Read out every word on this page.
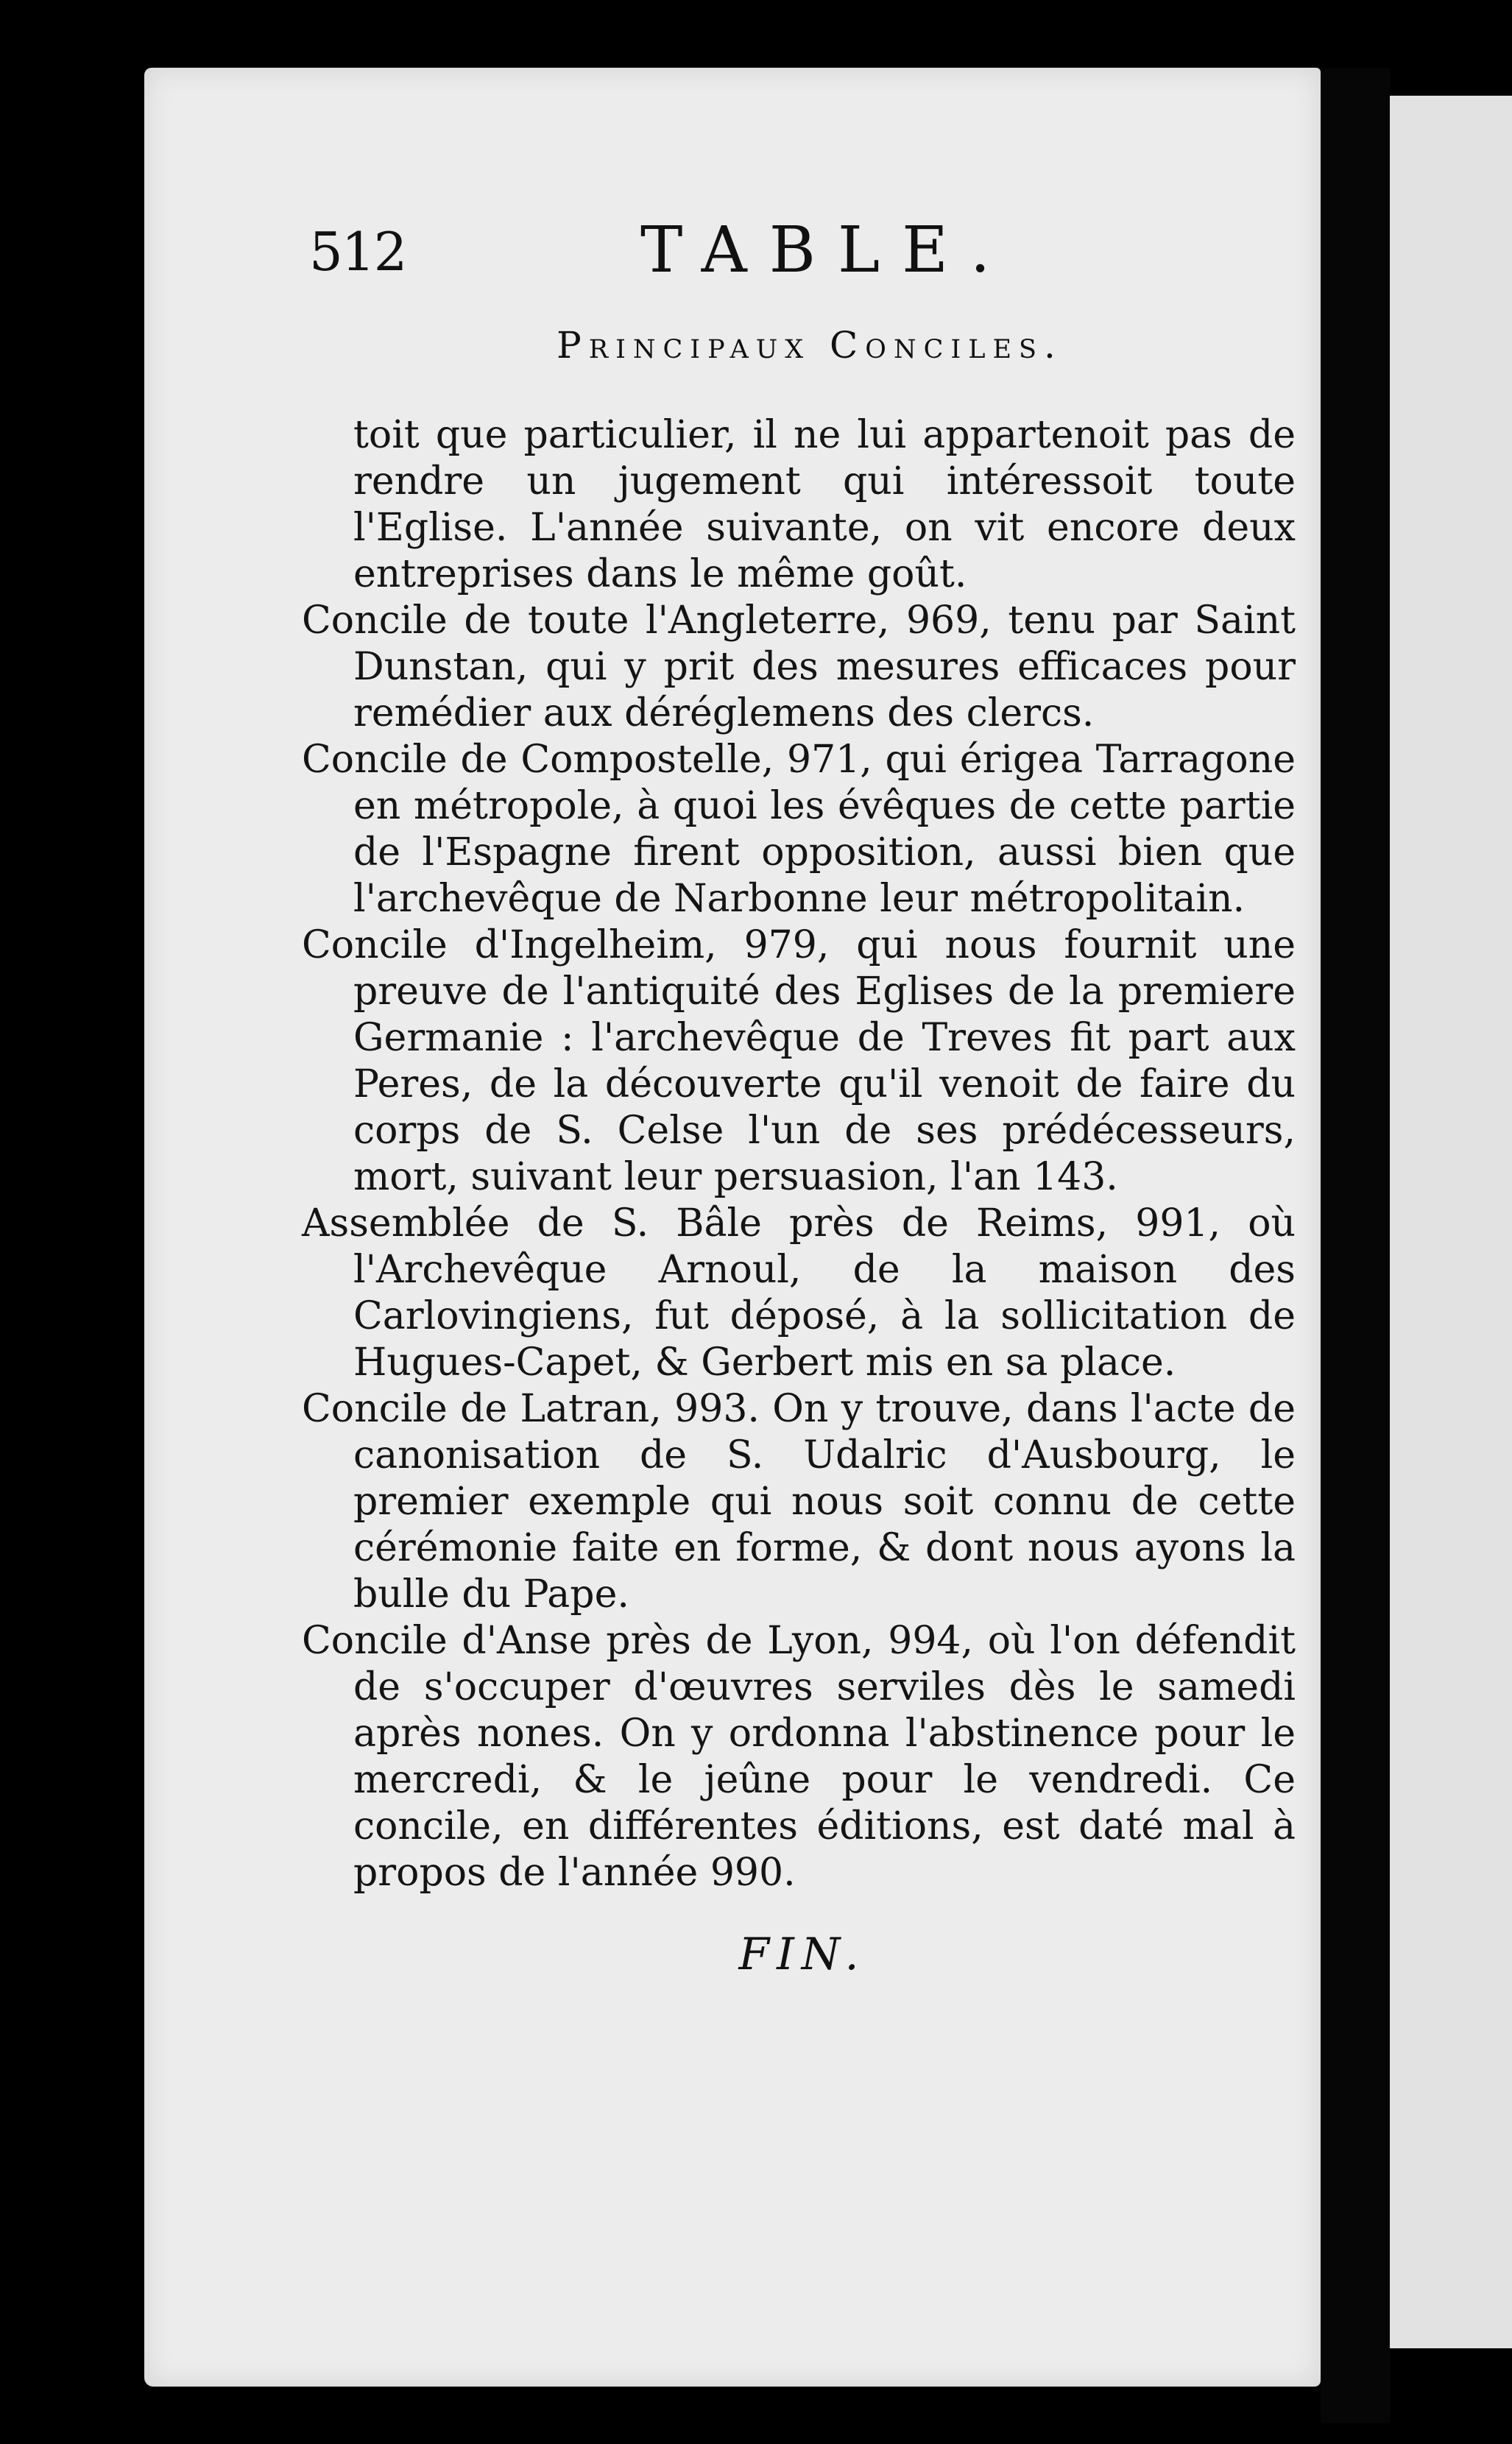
512	TABLE.
Principaux Conciles.

toit que particulier, il ne lui appartenoit pas de rendre un jugement qui intéressoit toute l'Eglise. L'année suivante, on vit encore deux entreprises dans le même goût.

Concile de toute l'Angleterre, 969, tenu par Saint Dunstan, qui y prit des mesures efficaces pour remédier aux déréglemens des clercs.

Concile de Compostelle, 971, qui érigea Tarragone en métropole, à quoi les évêques de cette partie de l'Espagne firent opposition, aussi bien que l'archevêque de Narbonne leur métropolitain.

Concile d'Ingelheim, 979, qui nous fournit une preuve de l'antiquité des Eglises de la premiere Germanie : l'archevêque de Treves fit part aux Peres, de la découverte qu'il venoit de faire du corps de S. Celse l'un de ses prédécesseurs, mort, suivant leur persuasion, l'an 143.

Assemblée de S. Bâle près de Reims, 991, où l'Archevêque Arnoul, de la maison des Carlovingiens, fut déposé, à la sollicitation de Hugues-Capet, & Gerbert mis en sa place.

Concile de Latran, 993. On y trouve, dans l'acte de canonisation de S. Udalric d'Ausbourg, le premier exemple qui nous soit connu de cette cérémonie faite en forme, & dont nous ayons la bulle du Pape.

Concile d'Anse près de Lyon, 994, où l'on défendit de s'occuper d'œuvres serviles dès le samedi après nones. On y ordonna l'abstinence pour le mercredi, & le jeûne pour le vendredi. Ce concile, en différentes éditions, est daté mal à propos de l'année 990.

FIN.
